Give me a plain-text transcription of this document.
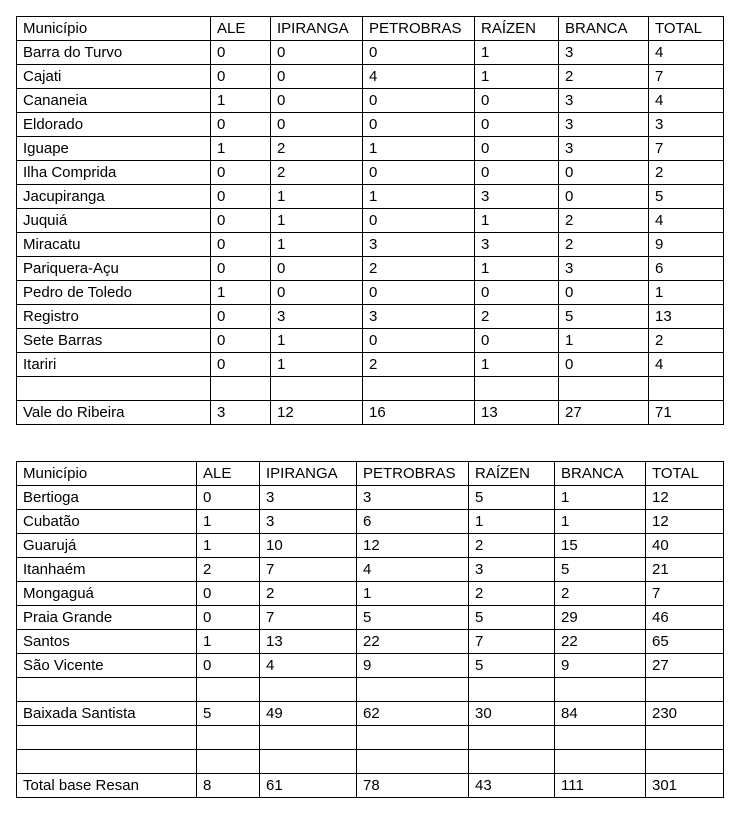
Município	ALE	IPIRANGA	PETROBRAS	RAÍZEN	BRANCA	TOTAL
Barra do Turvo	0	0	0	1	3	4
Cajati	0	0	4	1	2	7
Cananeia	1	0	0	0	3	4
Eldorado	0	0	0	0	3	3
Iguape	1	2	1	0	3	7
Ilha Comprida	0	2	0	0	0	2
Jacupiranga	0	1	1	3	0	5
Juquiá	0	1	0	1	2	4
Miracatu	0	1	3	3	2	9
Pariquera-Açu	0	0	2	1	3	6
Pedro de Toledo	1	0	0	0	0	1
Registro	0	3	3	2	5	13
Sete Barras	0	1	0	0	1	2
Itariri	0	1	2	1	0	4

Vale do Ribeira	3	12	16	13	27	71
Município	ALE	IPIRANGA	PETROBRAS	RAÍZEN	BRANCA	TOTAL
Bertioga	0	3	3	5	1	12
Cubatão	1	3	6	1	1	12
Guarujá	1	10	12	2	15	40
Itanhaém	2	7	4	3	5	21
Mongaguá	0	2	1	2	2	7
Praia Grande	0	7	5	5	29	46
Santos	1	13	22	7	22	65
São Vicente	0	4	9	5	9	27

Baixada Santista	5	49	62	30	84	230

Total base Resan	8	61	78	43	111	301
